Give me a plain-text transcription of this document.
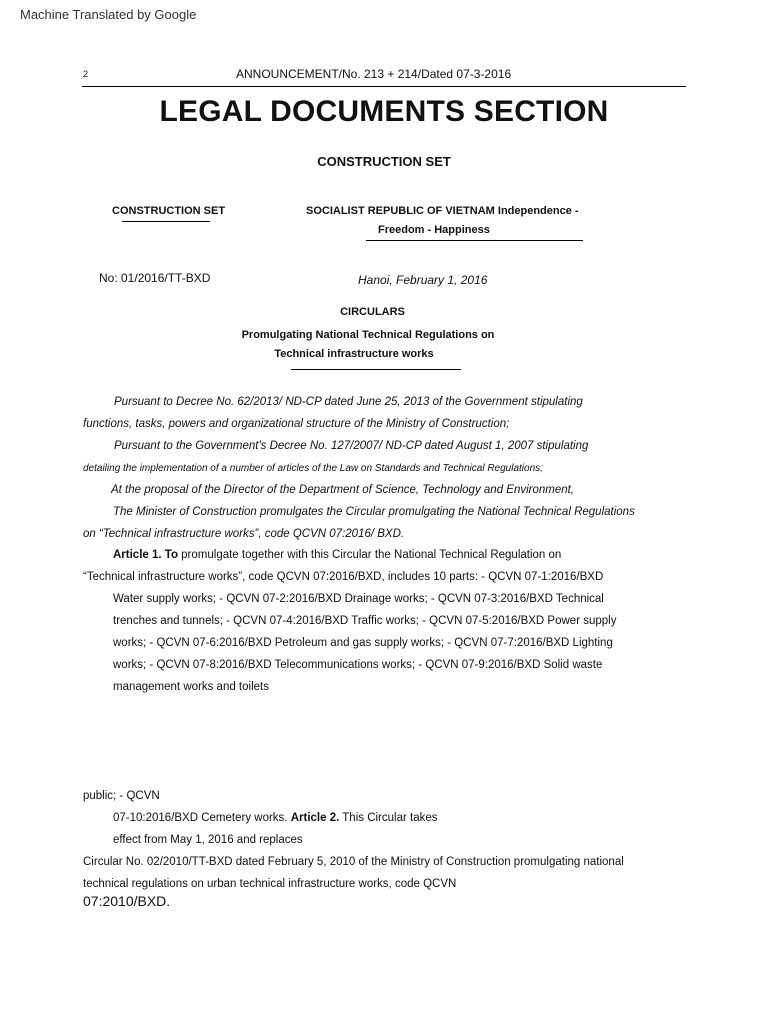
Machine Translated by Google
2	ANNOUNCEMENT/No. 213 + 214/Dated 07-3-2016
LEGAL DOCUMENTS SECTION
CONSTRUCTION SET
CONSTRUCTION SET	SOCIALIST REPUBLIC OF VIETNAM Independence -
Freedom - Happiness
No: 01/2016/TT-BXD	Hanoi, February 1, 2016
CIRCULARS
Promulgating National Technical Regulations on
Technical infrastructure works
Pursuant to Decree No. 62/2013/ ND-CP dated June 25, 2013 of the Government stipulating
functions, tasks, powers and organizational structure of the Ministry of Construction;
Pursuant to the Government's Decree No. 127/2007/ ND-CP dated August 1, 2007 stipulating
detailing the implementation of a number of articles of the Law on Standards and Technical Regulations;
At the proposal of the Director of the Department of Science, Technology and Environment,
The Minister of Construction promulgates the Circular promulgating the National Technical Regulations
on “Technical infrastructure works”, code QCVN 07:2016/ BXD.
Article 1. To promulgate together with this Circular the National Technical Regulation on
“Technical infrastructure works”, code QCVN 07:2016/BXD, includes 10 parts: - QCVN 07-1:2016/BXD
Water supply works; - QCVN 07-2:2016/BXD Drainage works; - QCVN 07-3:2016/BXD Technical
trenches and tunnels; - QCVN 07-4:2016/BXD Traffic works; - QCVN 07-5:2016/BXD Power supply
works; - QCVN 07-6:2016/BXD Petroleum and gas supply works; - QCVN 07-7:2016/BXD Lighting
works; - QCVN 07-8:2016/BXD Telecommunications works; - QCVN 07-9:2016/BXD Solid waste
management works and toilets
public; - QCVN
07-10:2016/BXD Cemetery works. Article 2. This Circular takes
effect from May 1, 2016 and replaces
Circular No. 02/2010/TT-BXD dated February 5, 2010 of the Ministry of Construction promulgating national
technical regulations on urban technical infrastructure works, code QCVN
07:2010/BXD.
